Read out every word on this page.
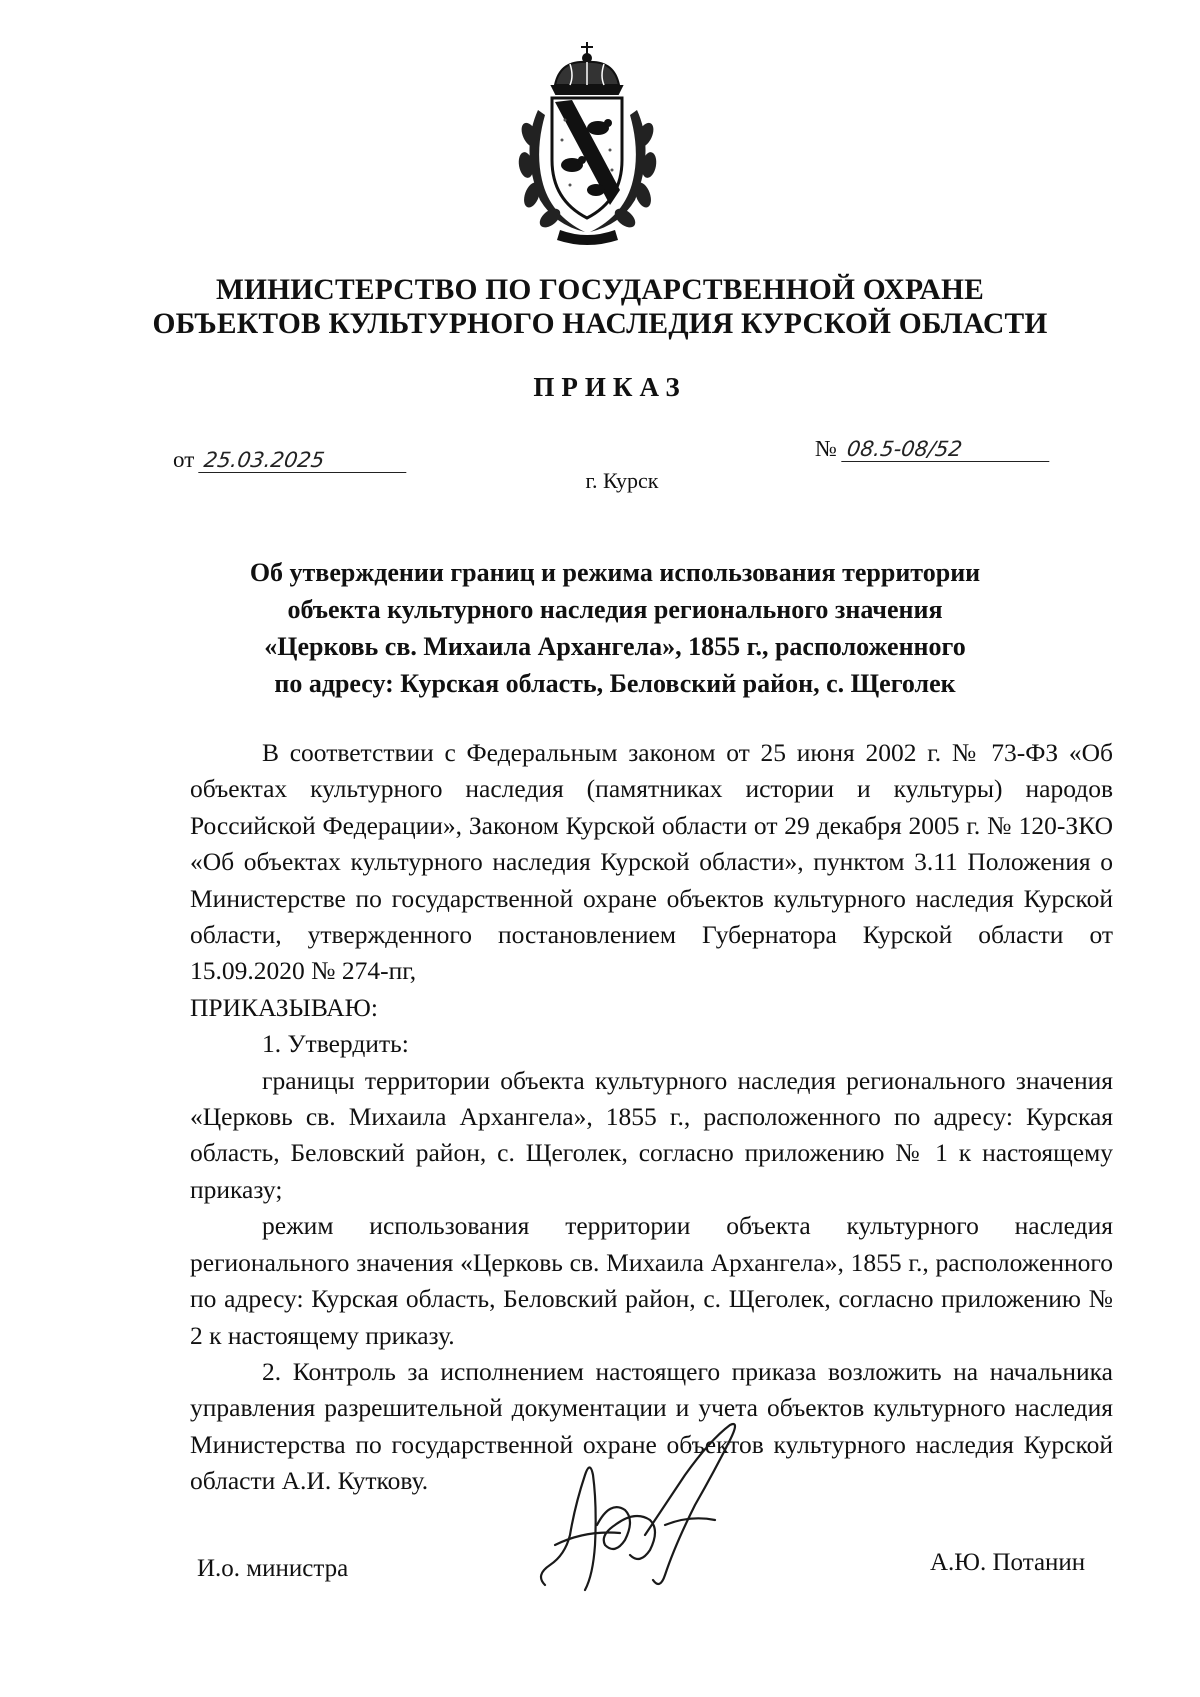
МИНИСТЕРСТВО ПО ГОСУДАРСТВЕННОЙ ОХРАНЕ
ОБЪЕКТОВ КУЛЬТУРНОГО НАСЛЕДИЯ КУРСКОЙ ОБЛАСТИ
ПРИКАЗ
от 25.03.2025	№ 08.5-08/52
г. Курск
Об утверждении границ и режима использования территории
объекта культурного наследия регионального значения
«Церковь св. Михаила Архангела», 1855 г., расположенного
по адресу: Курская область, Беловский район, с. Щеголек

В соответствии с Федеральным законом от 25 июня 2002 г. № 73-ФЗ «Об объектах культурного наследия (памятниках истории и культуры) народов Российской Федерации», Законом Курской области от 29 декабря 2005 г. № 120-ЗКО «Об объектах культурного наследия Курской области», пунктом 3.11 Положения о Министерстве по государственной охране объектов культурного наследия Курской области, утвержденного постановлением Губернатора Курской области от 15.09.2020 № 274-пг,

ПРИКАЗЫВАЮ:

1. Утвердить:

границы территории объекта культурного наследия регионального значения «Церковь св. Михаила Архангела», 1855 г., расположенного по адресу: Курская область, Беловский район, с. Щеголек, согласно приложению № 1 к настоящему приказу;

режим использования территории объекта культурного наследия регионального значения «Церковь св. Михаила Архангела», 1855 г., расположенного по адресу: Курская область, Беловский район, с. Щеголек, согласно приложению № 2 к настоящему приказу.

2. Контроль за исполнением настоящего приказа возложить на начальника управления разрешительной документации и учета объектов культурного наследия Министерства по государственной охране объектов культурного наследия Курской области А.И. Куткову.

И.о. министра	А.Ю. Потанин
